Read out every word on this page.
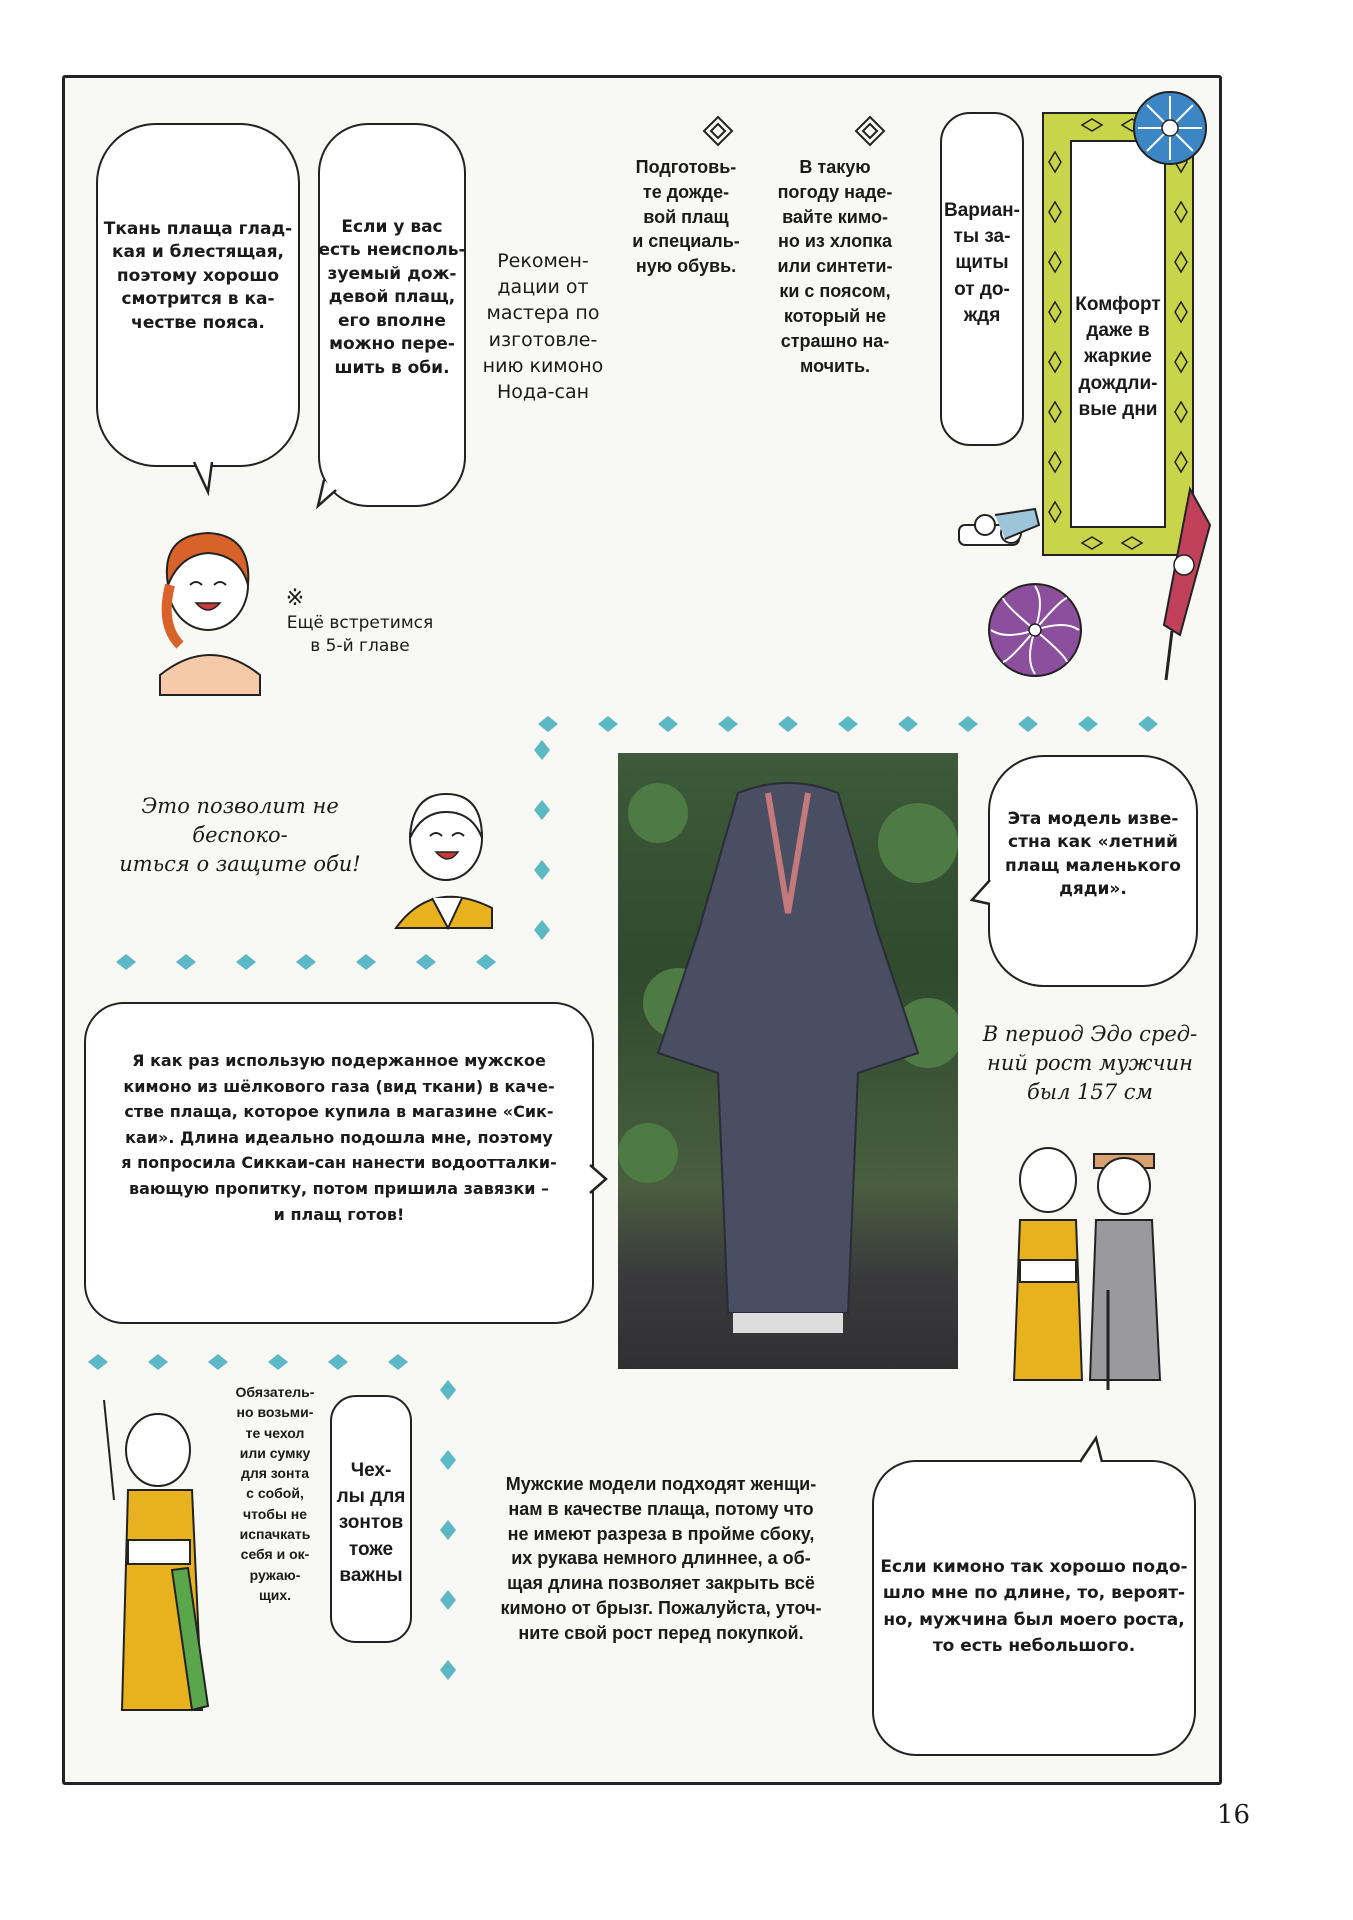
Ткань плаща глад-
кая и блестящая,
поэтому хорошо
смотрится в ка-
честве пояса.
Если у вас
есть неисполь-
зуемый дож-
девой плащ,
его вполне
можно пере-
шить в оби.
Рекомен-
дации от
мастера по
изготовле-
нию кимоно
Нода-сан
※
Ещё встретимся
в 5-й главе
Подготовь-
те дожде-
вой плащ
и специаль-
ную обувь.
В такую
погоду наде-
вайте кимо-
но из хлопка
или синтети-
ки с поясом,
который не
страшно на-
мочить.
Вариан-
ты за-
щиты
от до-
ждя
Комфорт
даже в
жаркие
дождли-
вые дни
Это позволит не беспоко-
иться о защите оби!
Эта модель изве-
стна как «летний
плащ маленького
дяди».
Я как раз использую подержанное мужское
кимоно из шёлкового газа (вид ткани) в каче-
стве плаща, которое купила в магазине «Сик-
каи». Длина идеально подошла мне, поэтому
я попросила Сиккаи-сан нанести водоотталки-
вающую пропитку, потом пришила завязки –
и плащ готов!
В период Эдо сред-
ний рост мужчин
был 157 см
Обязатель-
но возьми-
те чехол
или сумку
для зонта
с собой,
чтобы не
испачкать
себя и ок-
ружаю-
щих.
Чех-
лы для
зонтов
тоже
важны
Мужские модели подходят женщи-
нам в качестве плаща, потому что
не имеют разреза в пройме сбоку,
их рукава немного длиннее, а об-
щая длина позволяет закрыть всё
кимоно от брызг. Пожалуйста, уточ-
ните свой рост перед покупкой.
Если кимоно так хорошо подо-
шло мне по длине, то, вероят-
но, мужчина был моего роста,
то есть небольшого.
16
